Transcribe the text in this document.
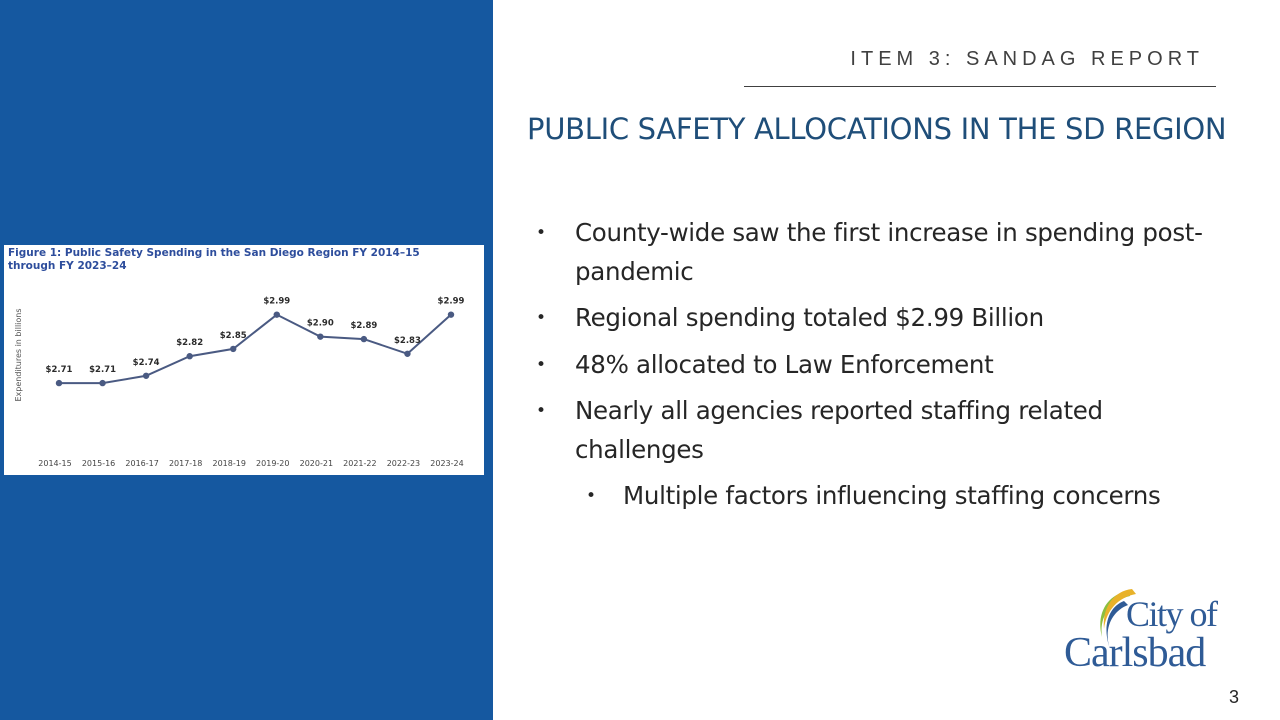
Expenditures in billions	$2.71
2014-15
$2.71
2015-16
$2.74
2016-17
$2.82
2017-18
$2.85
2018-19
$2.99
2019-20
$2.90
2020-21
$2.89
2021-22
$2.83
2022-23
$2.99
2023-24
Figure 1: Public Safety Spending in the San Diego Region FY 2014–15 through FY 2023–24
ITEM 3: SANDAG REPORT
PUBLIC SAFETY ALLOCATIONS IN THE SD REGION
• County-wide saw the first increase in spending post-pandemic
• Regional spending totaled $2.99 Billion
• 48% allocated to Law Enforcement
• Nearly all agencies reported staffing related challenges
• Multiple factors influencing staffing concerns
City of
Carlsbad
3
